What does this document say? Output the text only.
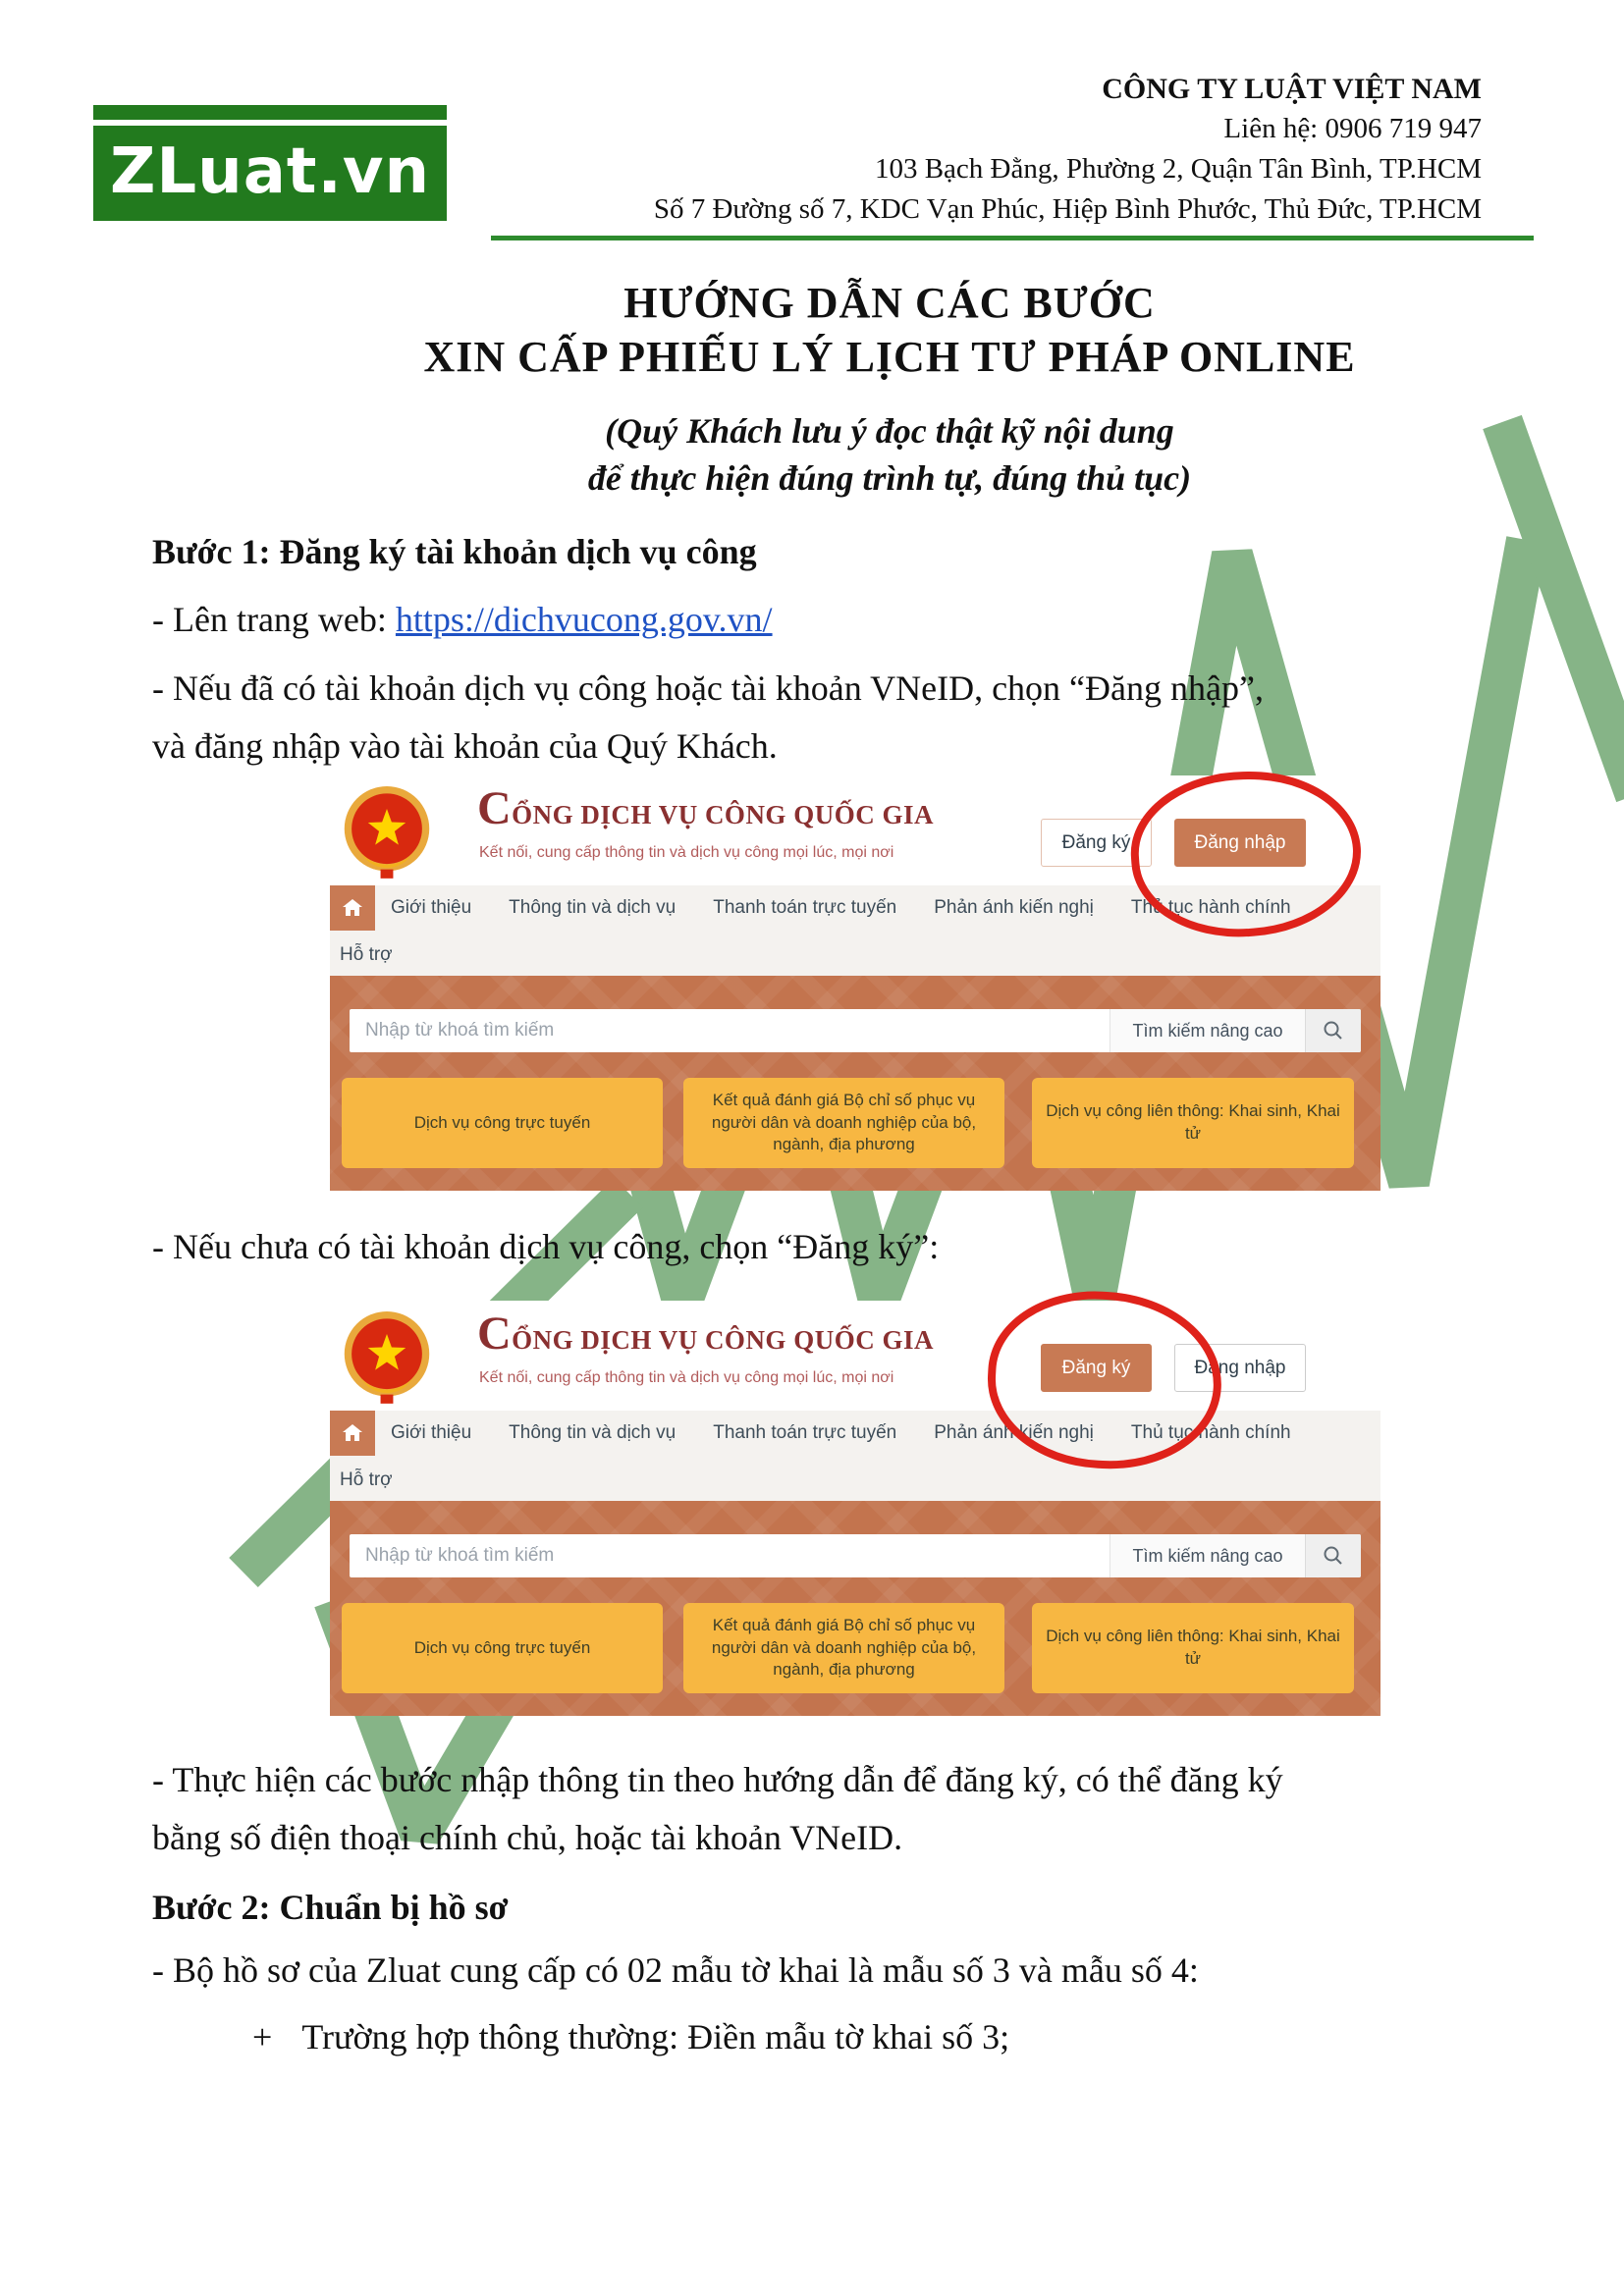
ZLuat.vn
CÔNG TY LUẬT VIỆT NAM
Liên hệ: 0906 719 947
103 Bạch Đằng, Phường 2, Quận Tân Bình, TP.HCM
Số 7 Đường số 7, KDC Vạn Phúc, Hiệp Bình Phước, Thủ Đức, TP.HCM
HƯỚNG DẪN CÁC BƯỚC
XIN CẤP PHIẾU LÝ LỊCH TƯ PHÁP ONLINE
(Quý Khách lưu ý đọc thật kỹ nội dung
để thực hiện đúng trình tự, đúng thủ tục)
Bước 1: Đăng ký tài khoản dịch vụ công
- Lên trang web: https://dichvucong.gov.vn/
- Nếu đã có tài khoản dịch vụ công hoặc tài khoản VNeID, chọn “Đăng nhập”,
và đăng nhập vào tài khoản của Quý Khách.
CỔNG DỊCH VỤ CÔNG QUỐC GIA
Kết nối, cung cấp thông tin và dịch vụ công mọi lúc, mọi nơi	Đăng ký	Đăng nhập
Giới thiệu Thông tin và dịch vụ Thanh toán trực tuyến Phản ánh kiến nghị Thủ tục hành chính
Hỗ trợ
Nhập từ khoá tìm kiếm
Tìm kiếm nâng cao
Dịch vụ công trực tuyến
Kết quả đánh giá Bộ chỉ số phục vụ người dân và doanh nghiệp của bộ, ngành, địa phương
Dịch vụ công liên thông: Khai sinh, Khai tử
- Nếu chưa có tài khoản dịch vụ công, chọn “Đăng ký”:
CỔNG DỊCH VỤ CÔNG QUỐC GIA
Kết nối, cung cấp thông tin và dịch vụ công mọi lúc, mọi nơi	Đăng ký	Đăng nhập
Giới thiệu Thông tin và dịch vụ Thanh toán trực tuyến Phản ánh kiến nghị Thủ tục hành chính
Hỗ trợ
Nhập từ khoá tìm kiếm
Tìm kiếm nâng cao
Dịch vụ công trực tuyến
Kết quả đánh giá Bộ chỉ số phục vụ người dân và doanh nghiệp của bộ, ngành, địa phương
Dịch vụ công liên thông: Khai sinh, Khai tử
- Thực hiện các bước nhập thông tin theo hướng dẫn để đăng ký, có thể đăng ký
bằng số điện thoại chính chủ, hoặc tài khoản VNeID.
Bước 2: Chuẩn bị hồ sơ
- Bộ hồ sơ của Zluat cung cấp có 02 mẫu tờ khai là mẫu số 3 và mẫu số 4:
+ Trường hợp thông thường: Điền mẫu tờ khai số 3;
